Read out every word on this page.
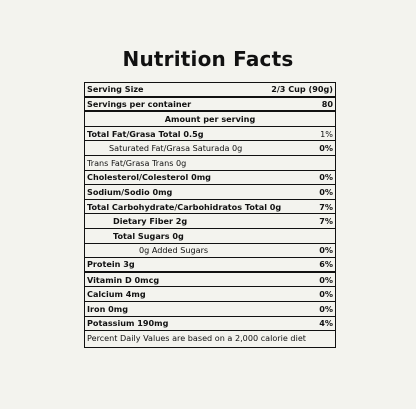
Nutrition Facts
Serving Size	2/3 Cup (90g)
Servings per container	80
Amount per serving
Total Fat/Grasa Total 0.5g	1%
Saturated Fat/Grasa Saturada 0g	0%
Trans Fat/Grasa Trans 0g
Cholesterol/Colesterol 0mg	0%
Sodium/Sodio 0mg	0%
Total Carbohydrate/Carbohidratos Total 0g	7%
Dietary Fiber 2g	7%
Total Sugars 0g
0g Added Sugars	0%
Protein 3g	6%
Vitamin D 0mcg	0%
Calcium 4mg	0%
Iron 0mg	0%
Potassium 190mg	4%
Percent Daily Values are based on a 2,000 calorie diet
